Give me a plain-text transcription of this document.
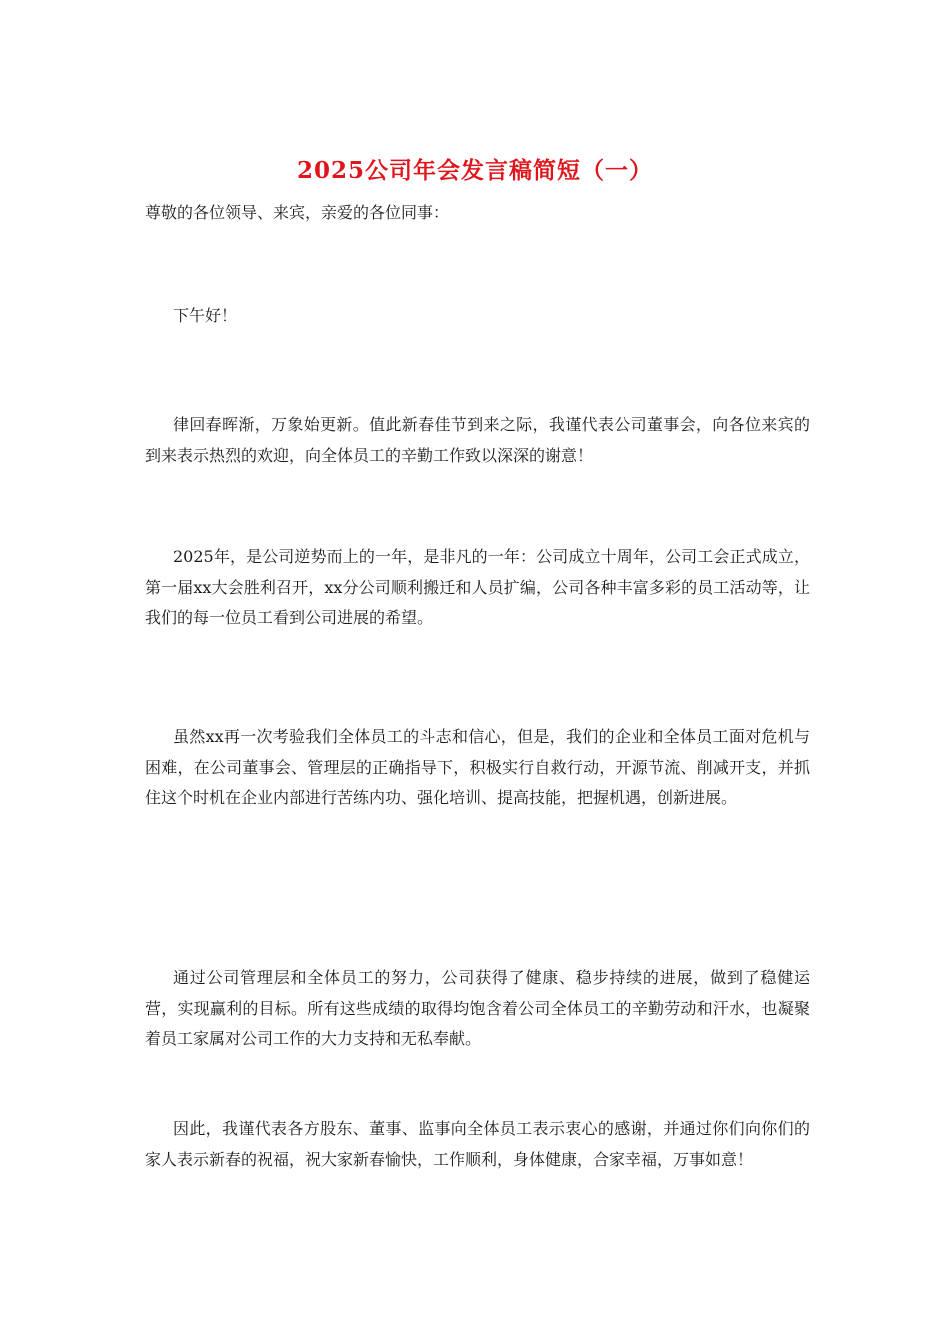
2025公司年会发言稿简短（一）

尊敬的各位领导、来宾，亲爱的各位同事：

下午好！

律回春晖渐，万象始更新。值此新春佳节到来之际，我谨代表公司董事会，向各位来宾的到来表示热烈的欢迎，向全体员工的辛勤工作致以深深的谢意！

2025年，是公司逆势而上的一年，是非凡的一年：公司成立十周年，公司工会正式成立，第一届xx大会胜利召开，xx分公司顺利搬迁和人员扩编，公司各种丰富多彩的员工活动等，让我们的每一位员工看到公司进展的希望。

虽然xx再一次考验我们全体员工的斗志和信心，但是，我们的企业和全体员工面对危机与困难，在公司董事会、管理层的正确指导下，积极实行自救行动，开源节流、削减开支，并抓住这个时机在企业内部进行苦练内功、强化培训、提高技能，把握机遇，创新进展。

通过公司管理层和全体员工的努力，公司获得了健康、稳步持续的进展，做到了稳健运营，实现赢利的目标。所有这些成绩的取得均饱含着公司全体员工的辛勤劳动和汗水，也凝聚着员工家属对公司工作的大力支持和无私奉献。

因此，我谨代表各方股东、董事、监事向全体员工表示衷心的感谢，并通过你们向你们的家人表示新春的祝福，祝大家新春愉快，工作顺利，身体健康，合家幸福，万事如意！
